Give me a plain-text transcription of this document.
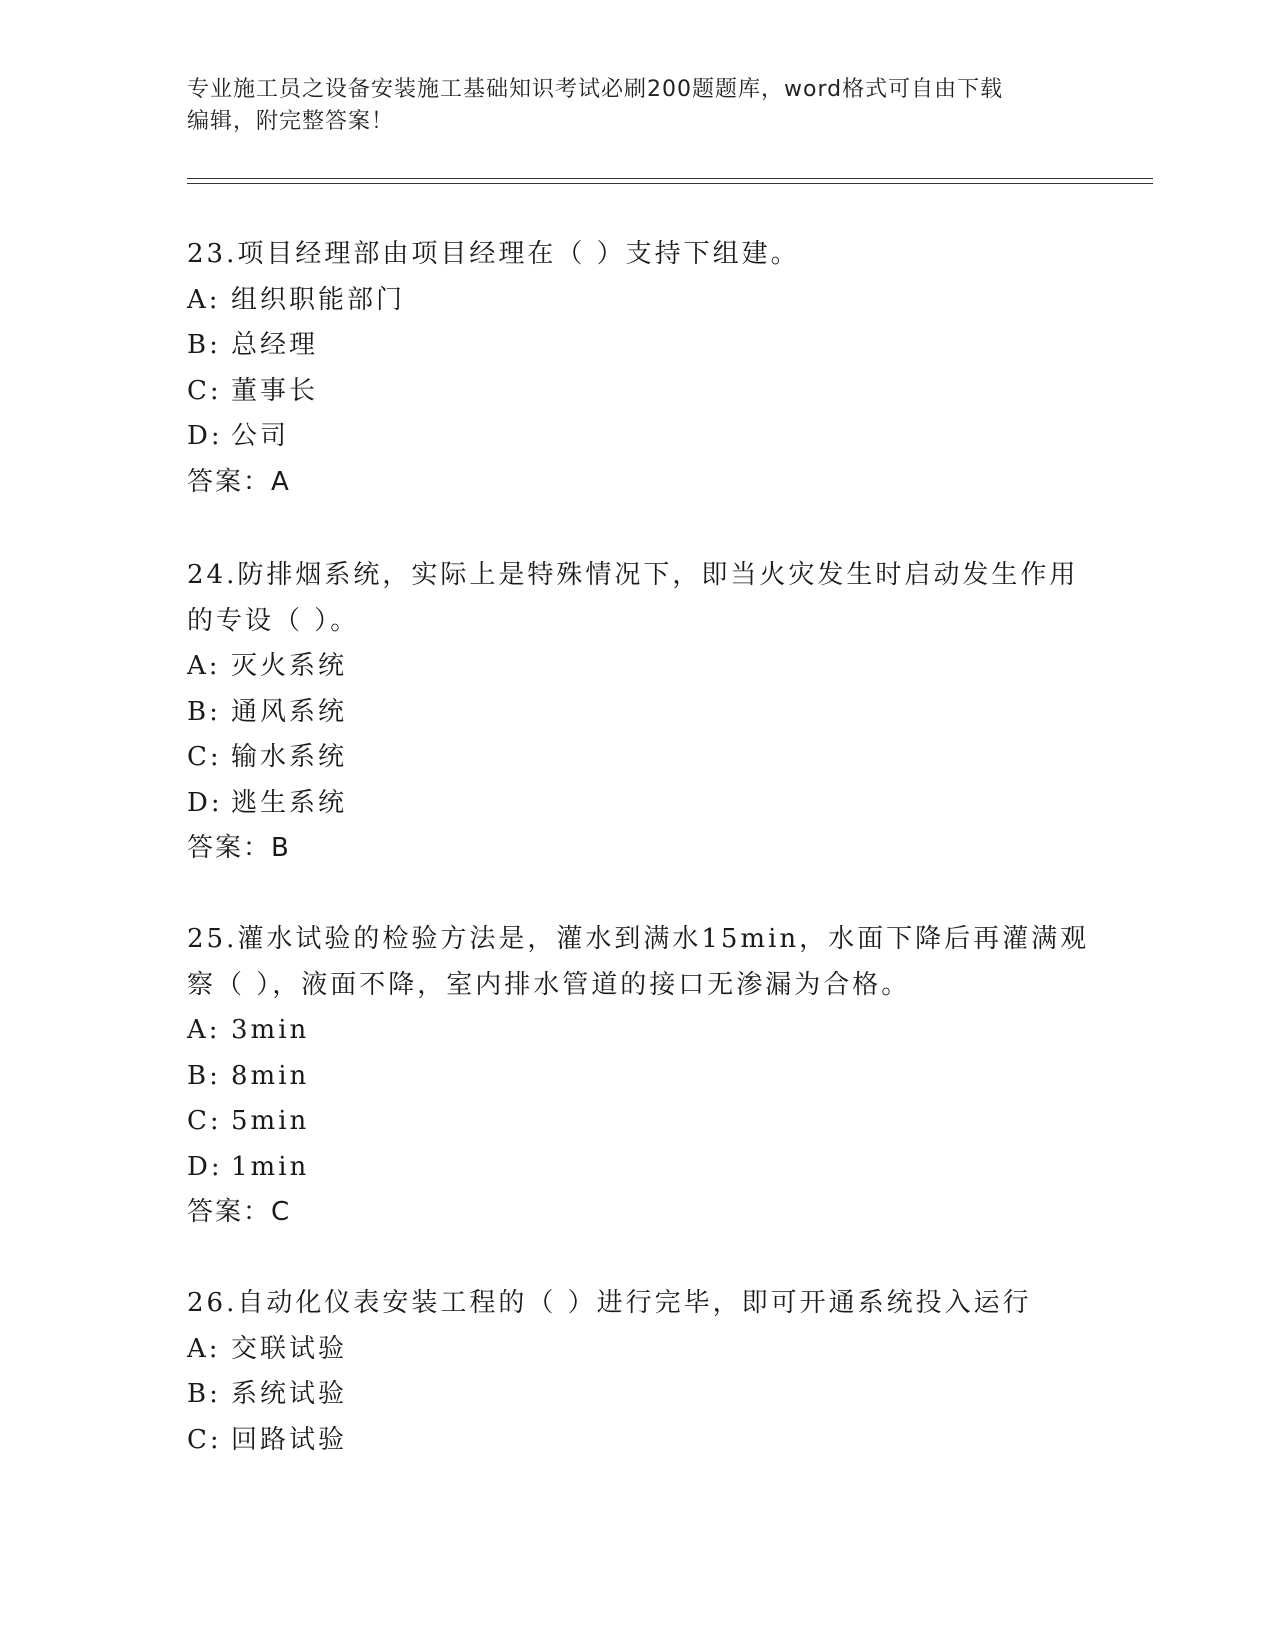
专业施工员之设备安装施工基础知识考试必刷200题题库，word格式可自由下载
编辑，附完整答案！
23.项目经理部由项目经理在（ ）支持下组建。
A: 组织职能部门
B: 总经理
C: 董事长
D: 公司
答案：A
24.防排烟系统，实际上是特殊情况下，即当火灾发生时启动发生作用
的专设（ ）。
A: 灭火系统
B: 通风系统
C: 输水系统
D: 逃生系统
答案：B
25.灌水试验的检验方法是，灌水到满水15min，水面下降后再灌满观
察（ ），液面不降，室内排水管道的接口无渗漏为合格。
A: 3min
B: 8min
C: 5min
D: 1min
答案：C
26.自动化仪表安装工程的（ ）进行完毕，即可开通系统投入运行
A: 交联试验
B: 系统试验
C: 回路试验
